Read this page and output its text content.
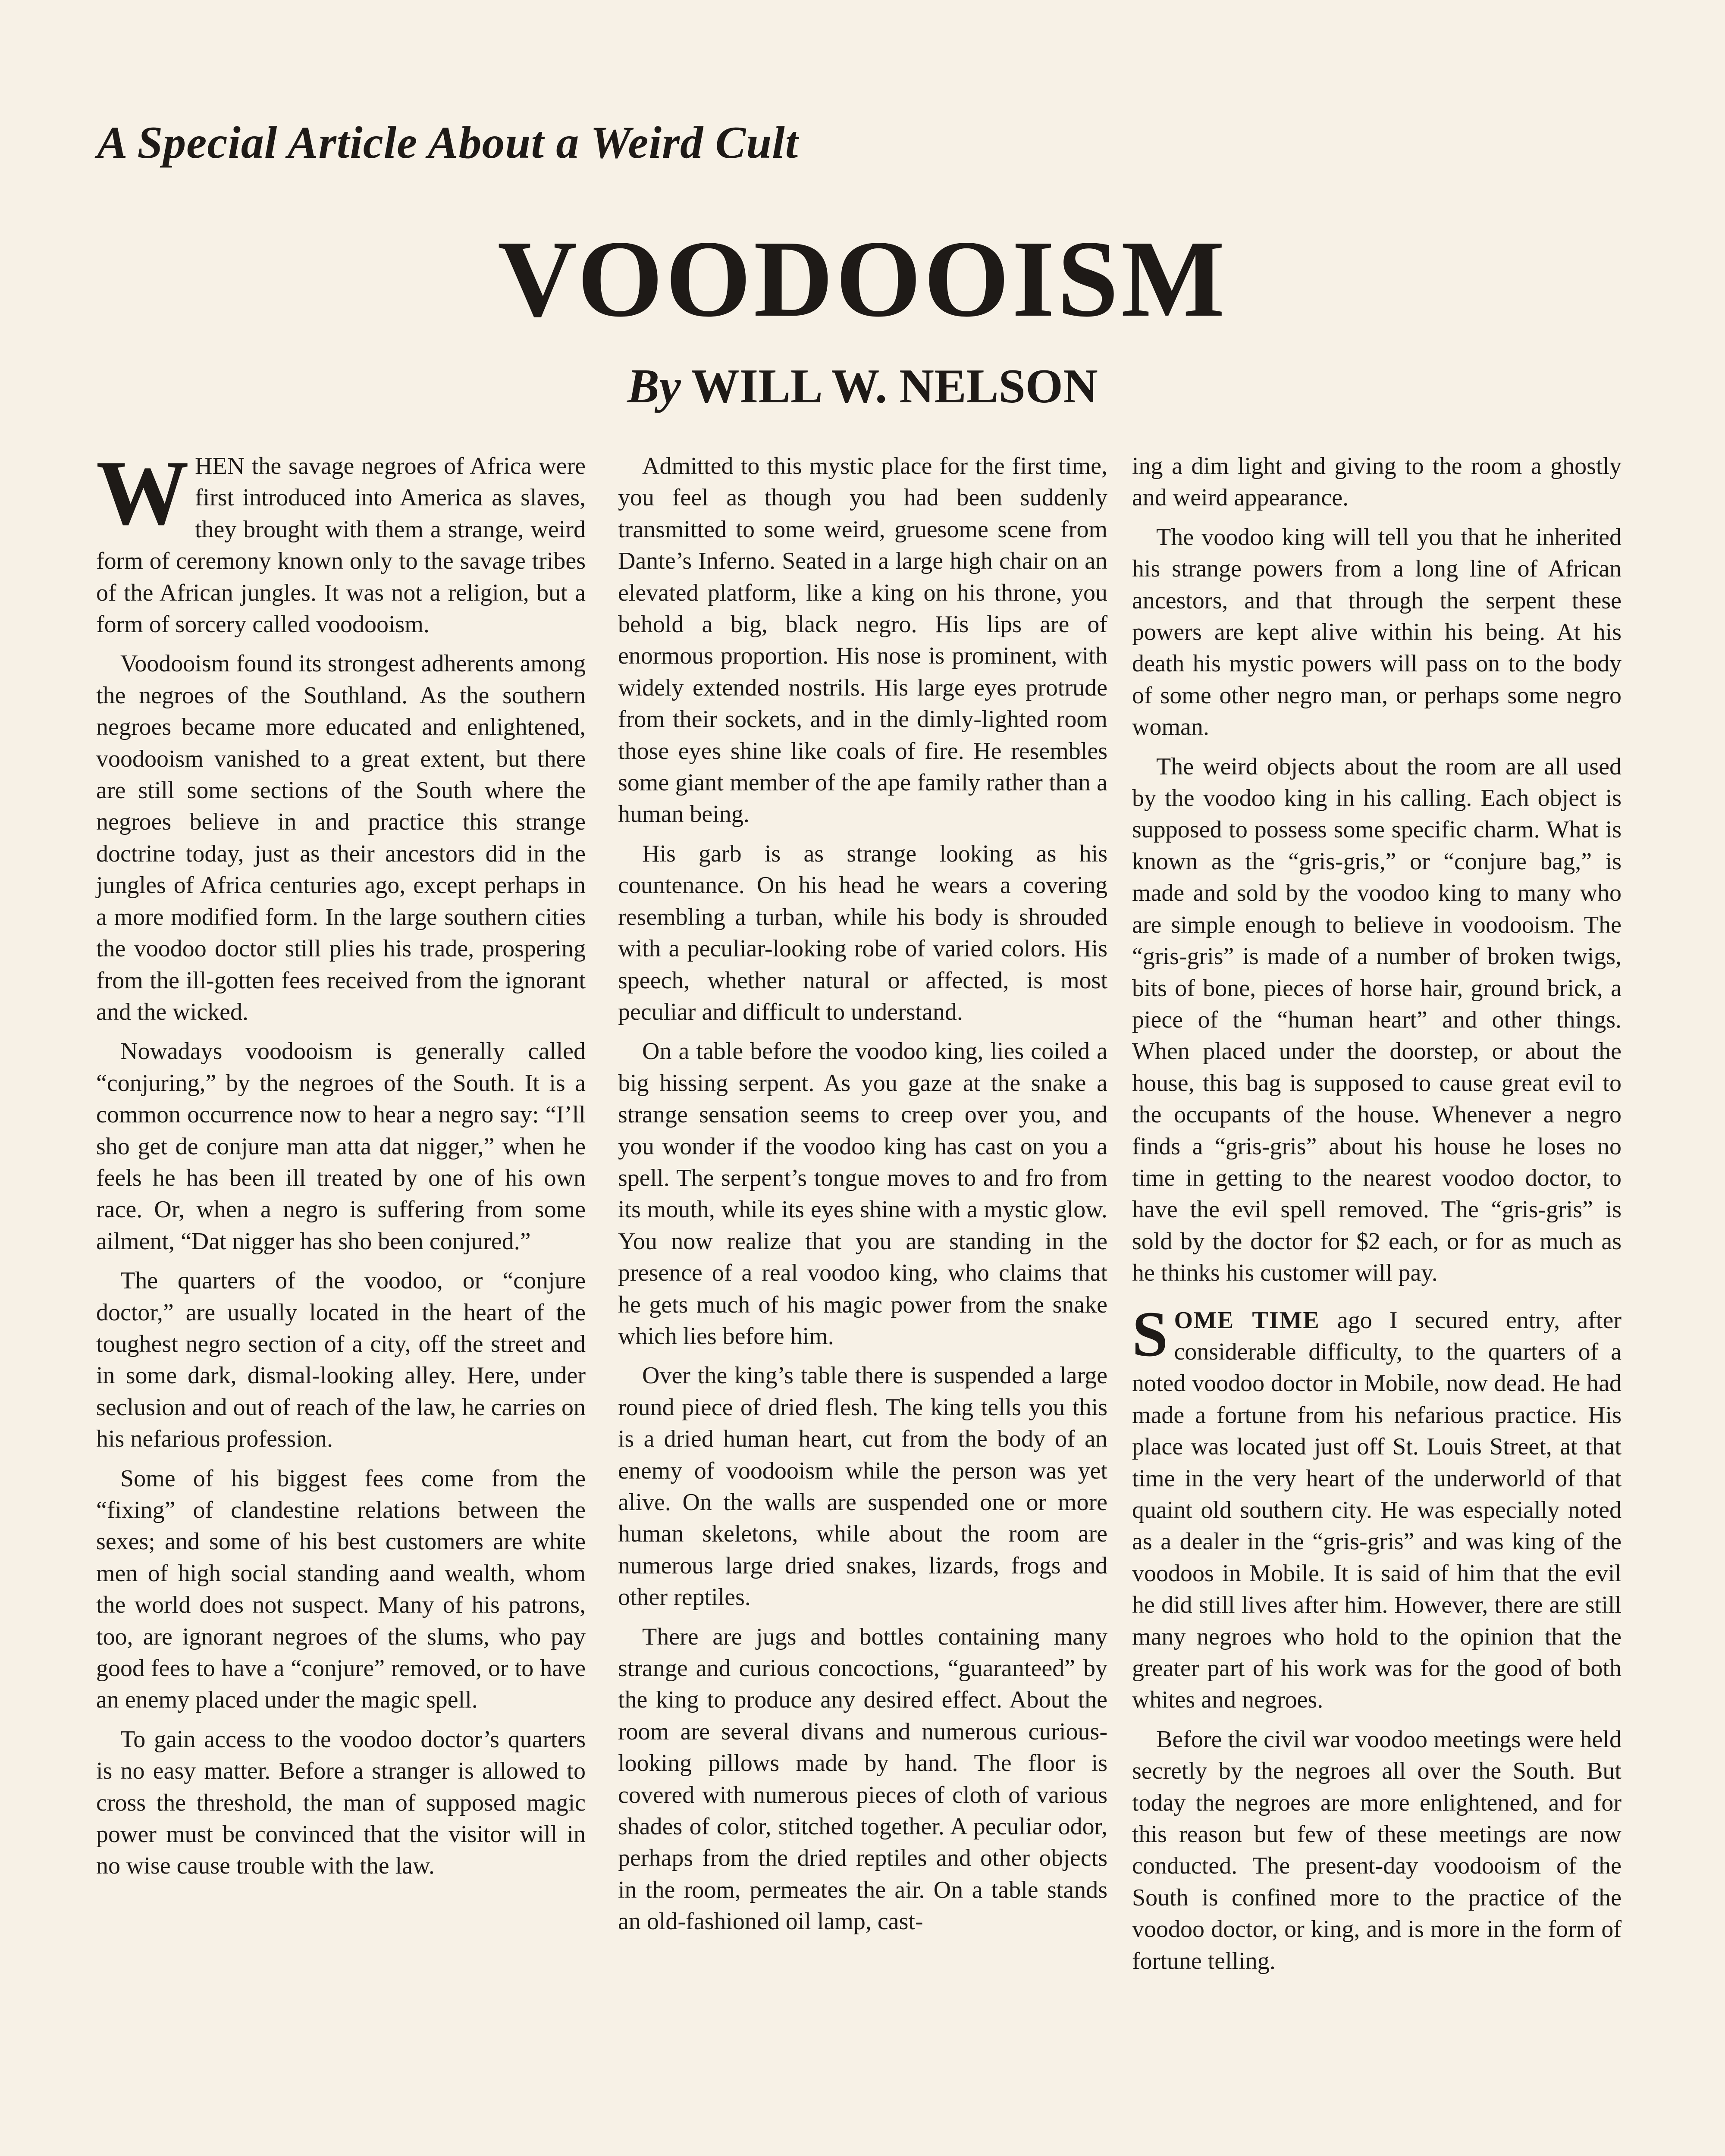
A Special Article About a Weird Cult
VOODOOISM
By WILL W. NELSON

WHEN the savage negroes of Africa were first introduced into America as slaves, they brought with them a strange, weird form of ceremony known only to the savage tribes of the African jungles. It was not a religion, but a form of sorcery called voodooism.

Voodooism found its strongest adherents among the negroes of the Southland. As the southern negroes became more educated and enlightened, voodooism vanished to a great extent, but there are still some sections of the South where the negroes believe in and practice this strange doctrine today, just as their ancestors did in the jungles of Africa centuries ago, except perhaps in a more modified form. In the large southern cities the voodoo doctor still plies his trade, prospering from the ill-gotten fees received from the ignorant and the wicked.

Nowadays voodooism is generally called “conjuring,” by the negroes of the South. It is a common occurrence now to hear a negro say: “I’ll sho get de conjure man atta dat nigger,” when he feels he has been ill treated by one of his own race. Or, when a negro is suffering from some ailment, “Dat nigger has sho been conjured.”

The quarters of the voodoo, or “conjure doctor,” are usually located in the heart of the toughest negro section of a city, off the street and in some dark, dismal-looking alley. Here, under seclusion and out of reach of the law, he carries on his nefarious profession.

Some of his biggest fees come from the “fixing” of clandestine relations between the sexes; and some of his best customers are white men of high social standing aand wealth, whom the world does not suspect. Many of his patrons, too, are ignorant negroes of the slums, who pay good fees to have a “conjure” removed, or to have an enemy placed under the magic spell.

To gain access to the voodoo doctor’s quarters is no easy matter. Before a stranger is allowed to cross the threshold, the man of supposed magic power must be convinced that the visitor will in no wise cause trouble with the law.

Admitted to this mystic place for the first time, you feel as though you had been suddenly transmitted to some weird, gruesome scene from Dante’s Inferno. Seated in a large high chair on an elevated platform, like a king on his throne, you behold a big, black negro. His lips are of enormous proportion. His nose is prominent, with widely extended nostrils. His large eyes protrude from their sockets, and in the dimly-lighted room those eyes shine like coals of fire. He resembles some giant member of the ape family rather than a human being.

His garb is as strange looking as his countenance. On his head he wears a covering resembling a turban, while his body is shrouded with a peculiar-looking robe of varied colors. His speech, whether natural or affected, is most peculiar and difficult to understand.

On a table before the voodoo king, lies coiled a big hissing serpent. As you gaze at the snake a strange sensation seems to creep over you, and you wonder if the voodoo king has cast on you a spell. The serpent’s tongue moves to and fro from its mouth, while its eyes shine with a mystic glow. You now realize that you are standing in the presence of a real voodoo king, who claims that he gets much of his magic power from the snake which lies before him.

Over the king’s table there is suspended a large round piece of dried flesh. The king tells you this is a dried human heart, cut from the body of an enemy of voodooism while the person was yet alive. On the walls are suspended one or more human skeletons, while about the room are numerous large dried snakes, lizards, frogs and other reptiles.

There are jugs and bottles containing many strange and curious concoctions, “guaranteed” by the king to produce any desired effect. About the room are several divans and numerous curious-looking pillows made by hand. The floor is covered with numerous pieces of cloth of various shades of color, stitched together. A peculiar odor, perhaps from the dried reptiles and other objects in the room, permeates the air. On a table stands an old-fashioned oil lamp, cast-

ing a dim light and giving to the room a ghostly and weird appearance.

The voodoo king will tell you that he inherited his strange powers from a long line of African ancestors, and that through the serpent these powers are kept alive within his being. At his death his mystic powers will pass on to the body of some other negro man, or perhaps some negro woman.

The weird objects about the room are all used by the voodoo king in his calling. Each object is supposed to possess some specific charm. What is known as the “gris-gris,” or “conjure bag,” is made and sold by the voodoo king to many who are simple enough to believe in voodooism. The “gris-gris” is made of a number of broken twigs, bits of bone, pieces of horse hair, ground brick, a piece of the “human heart” and other things. When placed under the doorstep, or about the house, this bag is supposed to cause great evil to the occupants of the house. Whenever a negro finds a “gris-gris” about his house he loses no time in getting to the nearest voodoo doctor, to have the evil spell removed. The “gris-gris” is sold by the doctor for $2 each, or for as much as he thinks his customer will pay.

SOME TIME ago I secured entry, after considerable difficulty, to the quarters of a noted voodoo doctor in Mobile, now dead. He had made a fortune from his nefarious practice. His place was located just off St. Louis Street, at that time in the very heart of the underworld of that quaint old southern city. He was especially noted as a dealer in the “gris-gris” and was king of the voodoos in Mobile. It is said of him that the evil he did still lives after him. However, there are still many negroes who hold to the opinion that the greater part of his work was for the good of both whites and negroes.

Before the civil war voodoo meetings were held secretly by the negroes all over the South. But today the negroes are more enlightened, and for this reason but few of these meetings are now conducted. The present-day voodooism of the South is confined more to the practice of the voodoo doctor, or king, and is more in the form of fortune telling.
